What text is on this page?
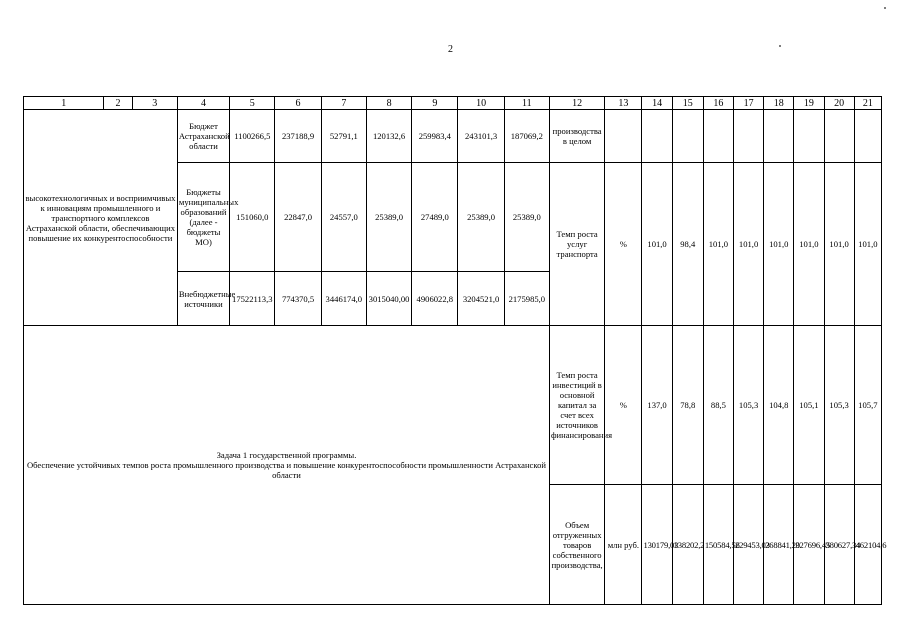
2
1	2	3	4	5	6	7	8	9	10	11	12	13	14	15	16	17	18	19	20	21
высокотехнологичных и восприимчивых к инновациям промышленного и транспортного комплексов Астраханской области, обеспечивающих повышение их конкурентоспособности			Бюджет Астраханской области	1100266,5	237188,9	52791,1	120132,6	259983,4	243101,3	187069,2	производства в целом									
			Бюджеты муниципальных образований (далее - бюджеты МО)	151060,0	22847,0	24557,0	25389,0	27489,0	25389,0	25389,0	Темп роста услуг транспорта	%	101,0	98,4	101,0	101,0	101,0	101,0	101,0	101,0
			Внебюджетные источники	17522113,3	774370,5	3446174,0	3015040,00	4906022,8	3204521,0	2175985,0										

Задача 1 государственной программы.
Обеспечение устойчивых темпов роста промышленного производства и повышение конкурентоспособности промышленности Астраханской области											Темп роста инвестиций в основной капитал за счет всех источников финансирования	%	137,0	78,8	88,5	105,3	104,8	105,1	105,3	105,7
											Объем отгруженных товаров собственного производства,	млн руб.	130179,03	138202,2	150584,56	229453,03	268841,20	327696,45	380627,34	462104,6
